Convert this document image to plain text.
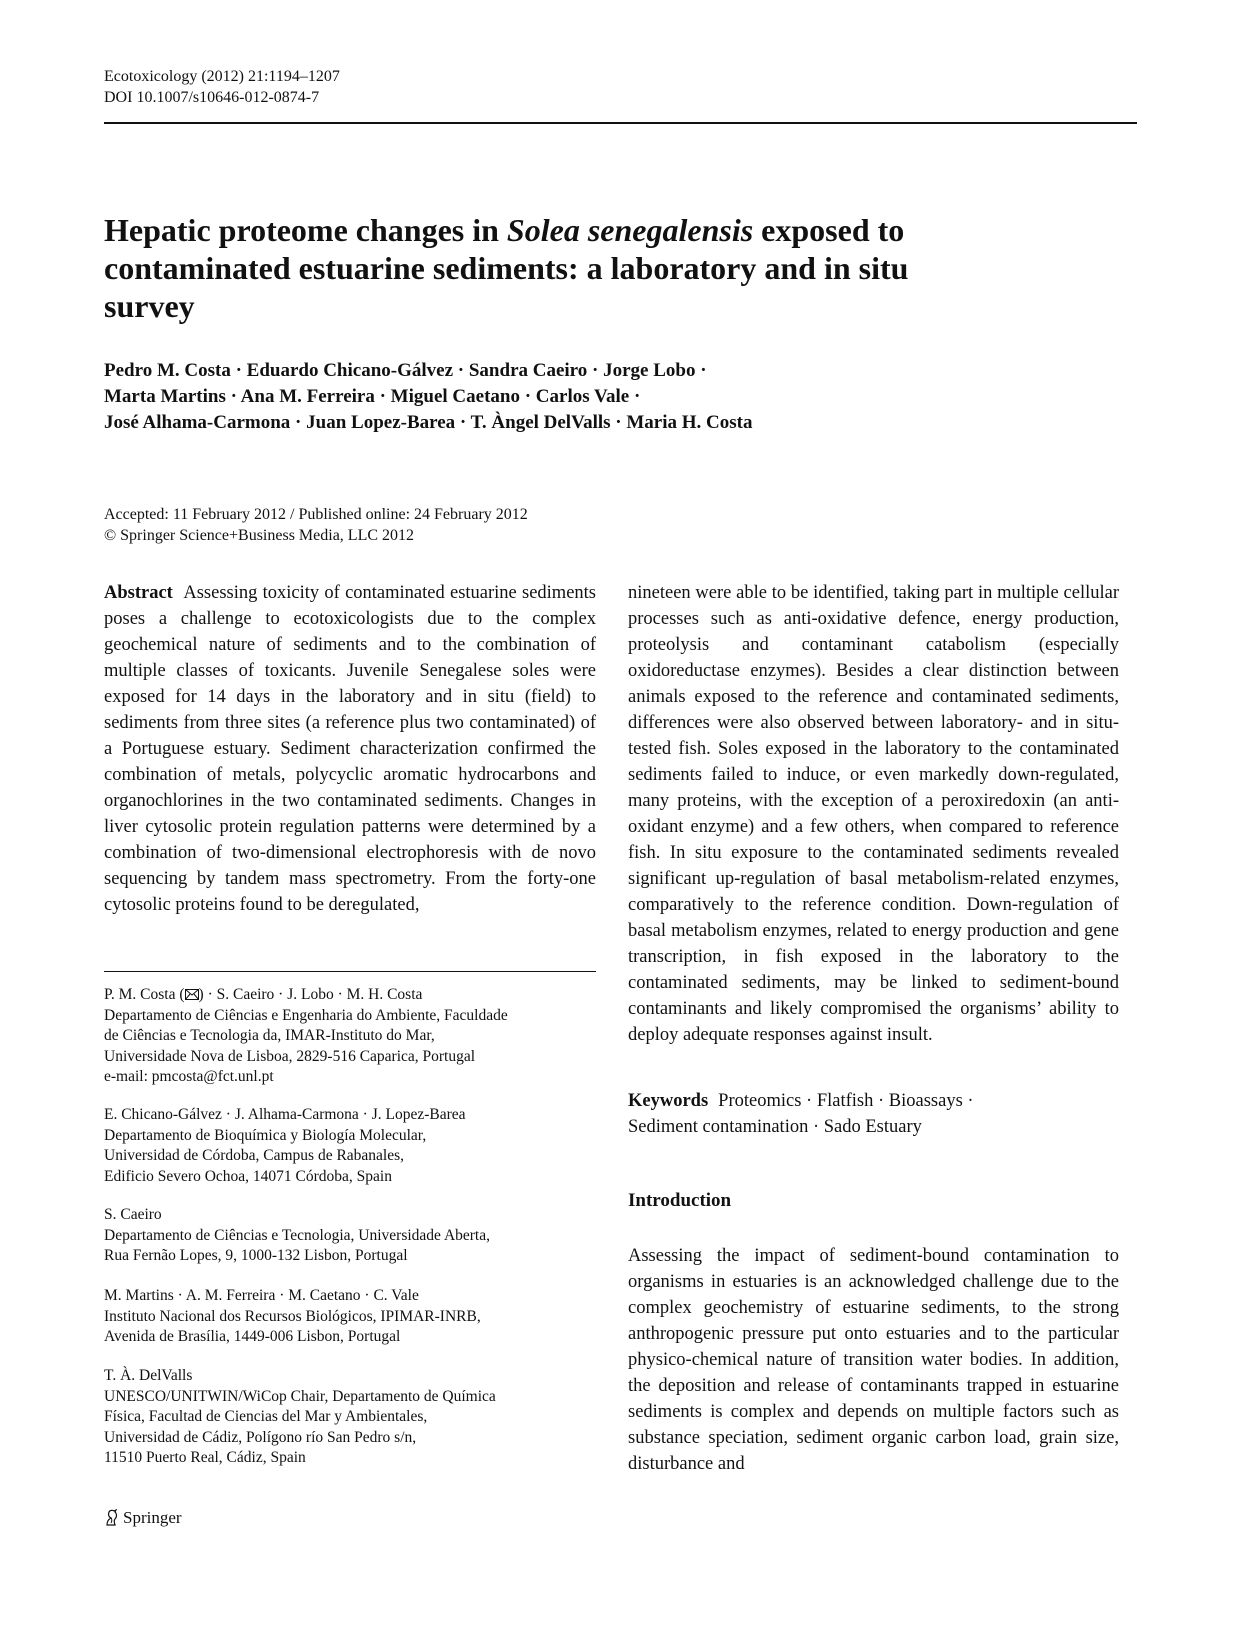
Ecotoxicology (2012) 21:1194–1207
DOI 10.1007/s10646-012-0874-7
Hepatic proteome changes in Solea senegalensis exposed to contaminated estuarine sediments: a laboratory and in situ survey
Pedro M. Costa · Eduardo Chicano-Gálvez · Sandra Caeiro · Jorge Lobo ·
Marta Martins · Ana M. Ferreira · Miguel Caetano · Carlos Vale ·
José Alhama-Carmona · Juan Lopez-Barea · T. Àngel DelValls · Maria H. Costa
Accepted: 11 February 2012 / Published online: 24 February 2012
© Springer Science+Business Media, LLC 2012
Abstract Assessing toxicity of contaminated estuarine sediments poses a challenge to ecotoxicologists due to the complex geochemical nature of sediments and to the combination of multiple classes of toxicants. Juvenile Senegalese soles were exposed for 14 days in the laboratory and in situ (field) to sediments from three sites (a reference plus two contaminated) of a Portuguese estuary. Sediment characterization confirmed the combination of metals, polycyclic aromatic hydrocarbons and organochlorines in the two contaminated sediments. Changes in liver cytosolic protein regulation patterns were determined by a combination of two-dimensional electrophoresis with de novo sequencing by tandem mass spectrometry. From the forty-one cytosolic proteins found to be deregulated,
nineteen were able to be identified, taking part in multiple cellular processes such as anti-oxidative defence, energy production, proteolysis and contaminant catabolism (especially oxidoreductase enzymes). Besides a clear distinction between animals exposed to the reference and contaminated sediments, differences were also observed between laboratory- and in situ-tested fish. Soles exposed in the laboratory to the contaminated sediments failed to induce, or even markedly down-regulated, many proteins, with the exception of a peroxiredoxin (an anti-oxidant enzyme) and a few others, when compared to reference fish. In situ exposure to the contaminated sediments revealed significant up-regulation of basal metabolism-related enzymes, comparatively to the reference condition. Down-regulation of basal metabolism enzymes, related to energy production and gene transcription, in fish exposed in the laboratory to the contaminated sediments, may be linked to sediment-bound contaminants and likely compromised the organisms’ ability to deploy adequate responses against insult.
P. M. Costa ( ) · S. Caeiro · J. Lobo · M. H. Costa
Departamento de Ciências e Engenharia do Ambiente, Faculdade
de Ciências e Tecnologia da, IMAR-Instituto do Mar,
Universidade Nova de Lisboa, 2829-516 Caparica, Portugal
e-mail: pmcosta@fct.unl.pt
E. Chicano-Gálvez · J. Alhama-Carmona · J. Lopez-Barea
Departamento de Bioquímica y Biología Molecular,
Universidad de Córdoba, Campus de Rabanales,
Edificio Severo Ochoa, 14071 Córdoba, Spain
S. Caeiro
Departamento de Ciências e Tecnologia, Universidade Aberta,
Rua Fernão Lopes, 9, 1000-132 Lisbon, Portugal
M. Martins · A. M. Ferreira · M. Caetano · C. Vale
Instituto Nacional dos Recursos Biológicos, IPIMAR-INRB,
Avenida de Brasília, 1449-006 Lisbon, Portugal
T. À. DelValls
UNESCO/UNITWIN/WiCop Chair, Departamento de Química
Física, Facultad de Ciencias del Mar y Ambientales,
Universidad de Cádiz, Polígono río San Pedro s/n,
11510 Puerto Real, Cádiz, Spain
Keywords Proteomics · Flatfish · Bioassays ·
Sediment contamination · Sado Estuary
Introduction
Assessing the impact of sediment-bound contamination to organisms in estuaries is an acknowledged challenge due to the complex geochemistry of estuarine sediments, to the strong anthropogenic pressure put onto estuaries and to the particular physico-chemical nature of transition water bodies. In addition, the deposition and release of contaminants trapped in estuarine sediments is complex and depends on multiple factors such as substance speciation, sediment organic carbon load, grain size, disturbance and
Springer
